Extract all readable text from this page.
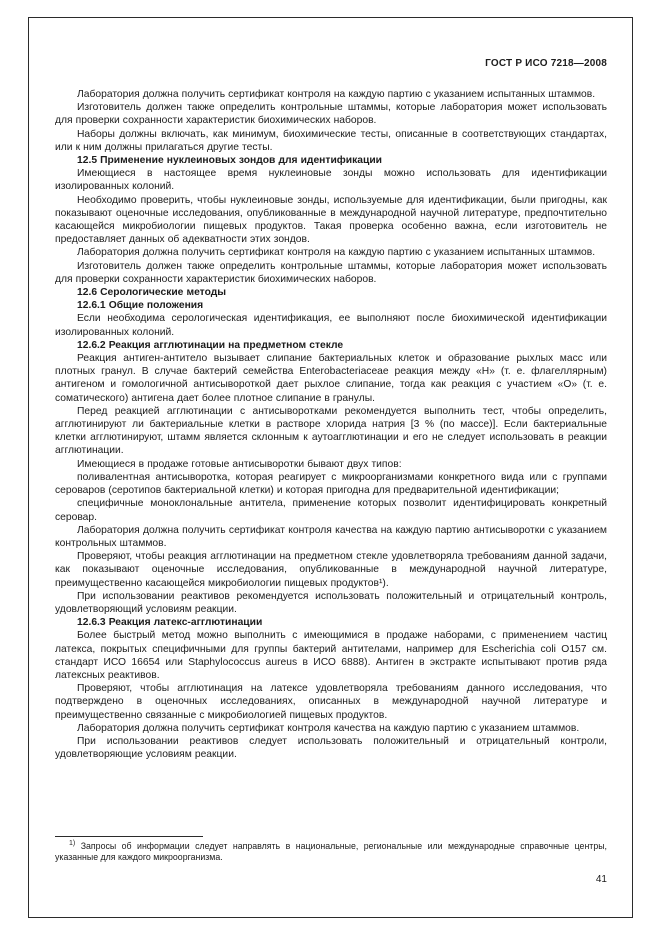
ГОСТ Р ИСО 7218—2008

Лаборатория должна получить сертификат контроля на каждую партию с указанием испытанных штаммов.

Изготовитель должен также определить контрольные штаммы, которые лаборатория может использовать для проверки сохранности характеристик биохимических наборов.

Наборы должны включать, как минимум, биохимические тесты, описанные в соответствующих стандартах, или к ним должны прилагаться другие тесты.

12.5 Применение нуклеиновых зондов для идентификации

Имеющиеся в настоящее время нуклеиновые зонды можно использовать для идентификации изолированных колоний.

Необходимо проверить, чтобы нуклеиновые зонды, используемые для идентификации, были пригодны, как показывают оценочные исследования, опубликованные в международной научной литературе, предпочтительно касающейся микробиологии пищевых продуктов. Такая проверка особенно важна, если изготовитель не предоставляет данных об адекватности этих зондов.

Лаборатория должна получить сертификат контроля на каждую партию с указанием испытанных штаммов.

Изготовитель должен также определить контрольные штаммы, которые лаборатория может использовать для проверки сохранности характеристик биохимических наборов.

12.6 Серологические методы

12.6.1 Общие положения

Если необходима серологическая идентификация, ее выполняют после биохимической идентификации изолированных колоний.

12.6.2 Реакция агглютинации на предметном стекле

Реакция антиген-антитело вызывает слипание бактериальных клеток и образование рыхлых масс или плотных гранул. В случае бактерий семейства Enterobacteriaceae реакция между «Н» (т. е. флагеллярным) антигеном и гомологичной антисывороткой дает рыхлое слипание, тогда как реакция с участием «О» (т. е. соматического) антигена дает более плотное слипание в гранулы.

Перед реакцией агглютинации с антисыворотками рекомендуется выполнить тест, чтобы определить, агглютинируют ли бактериальные клетки в растворе хлорида натрия [3 % (по массе)]. Если бактериальные клетки агглютинируют, штамм является склонным к аутоагглютинации и его не следует использовать в реакции агглютинации.

Имеющиеся в продаже готовые антисыворотки бывают двух типов:

поливалентная антисыворотка, которая реагирует с микроорганизмами конкретного вида или с группами сероваров (серотипов бактериальной клетки) и которая пригодна для предварительной идентификации;

специфичные моноклональные антитела, применение которых позволит идентифицировать конкретный серовар.

Лаборатория должна получить сертификат контроля качества на каждую партию антисыворотки с указанием контрольных штаммов.

Проверяют, чтобы реакция агглютинации на предметном стекле удовлетворяла требованиям данной задачи, как показывают оценочные исследования, опубликованные в международной научной литературе, преимущественно касающейся микробиологии пищевых продуктов¹).

При использовании реактивов рекомендуется использовать положительный и отрицательный контроль, удовлетворяющий условиям реакции.

12.6.3 Реакция латекс-агглютинации

Более быстрый метод можно выполнить с имеющимися в продаже наборами, с применением частиц латекса, покрытых специфичными для группы бактерий антителами, например для Escherichia coli О157 см. стандарт ИСО 16654 или Staphylococcus aureus в ИСО 6888). Антиген в экстракте испытывают против ряда латексных реактивов.

Проверяют, чтобы агглютинация на латексе удовлетворяла требованиям данного исследования, что подтверждено в оценочных исследованиях, описанных в международной научной литературе и преимущественно связанные с микробиологией пищевых продуктов.

Лаборатория должна получить сертификат контроля качества на каждую партию с указанием штаммов.

При использовании реактивов следует использовать положительный и отрицательный контроли, удовлетворяющие условиям реакции.

$^{1)}$ Запросы об информации следует направлять в национальные, региональные или международные справочные центры, указанные для каждого микроорганизма.
41
